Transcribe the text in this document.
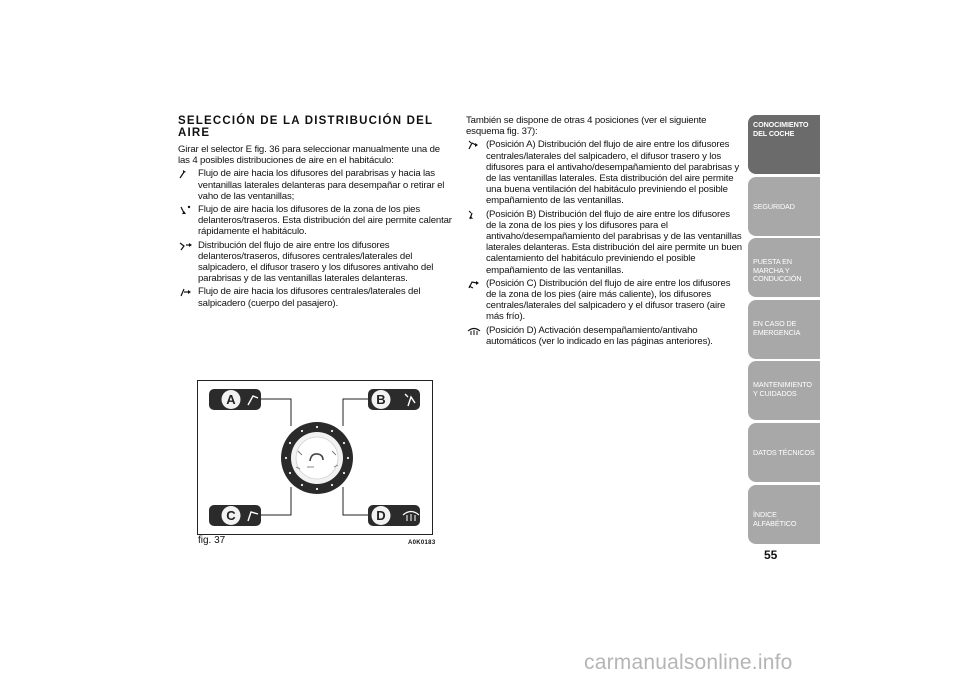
SELECCIÓN DE LA DISTRIBUCIÓN DEL AIRE
Girar el selector E fig. 36 para seleccionar manualmente una de las 4 posibles distribuciones de aire en el habitáculo:
Flujo de aire hacia los difusores del parabrisas y hacia las ventanillas laterales delanteras para desempañar o retirar el vaho de las ventanillas;
Flujo de aire hacia los difusores de la zona de los pies delanteros/traseros. Esta distribución del aire permite calentar rápidamente el habitáculo.
Distribución del flujo de aire entre los difusores delanteros/traseros, difusores centrales/laterales del salpicadero, el difusor trasero y los difusores antivaho del parabrisas y de las ventanillas laterales delanteras.
Flujo de aire hacia los difusores centrales/laterales del salpicadero (cuerpo del pasajero).
También se dispone de otras 4 posiciones (ver el siguiente esquema fig. 37):
(Posición A) Distribución del flujo de aire entre los difusores centrales/laterales del salpicadero, el difusor trasero y los difusores para el antivaho/desempañamiento del parabrisas y de las ventanillas laterales. Esta distribución del aire permite una buena ventilación del habitáculo previniendo el posible empañamiento de las ventanillas.
(Posición B) Distribución del flujo de aire entre los difusores de la zona de los pies y los difusores para el antivaho/desempañamiento del parabrisas y de las ventanillas laterales delanteras. Esta distribución del aire permite un buen calentamiento del habitáculo previniendo el posible empañamiento de las ventanillas.
(Posición C) Distribución del flujo de aire entre los difusores de la zona de los pies (aire más caliente), los difusores centrales/laterales del salpicadero y el difusor trasero (aire más frío).
(Posición D) Activación desempañamiento/antivaho automáticos (ver lo indicado en las páginas anteriores).
A	B
C	D
fig. 37	A0K0183
CONOCIMIENTO DEL COCHE
SEGURIDAD
PUESTA EN MARCHA Y CONDUCCIÓN
EN CASO DE EMERGENCIA
MANTENIMIENTO Y CUIDADOS
DATOS TÉCNICOS
ÍNDICE ALFABÉTICO
55
carmanualsonline.info
